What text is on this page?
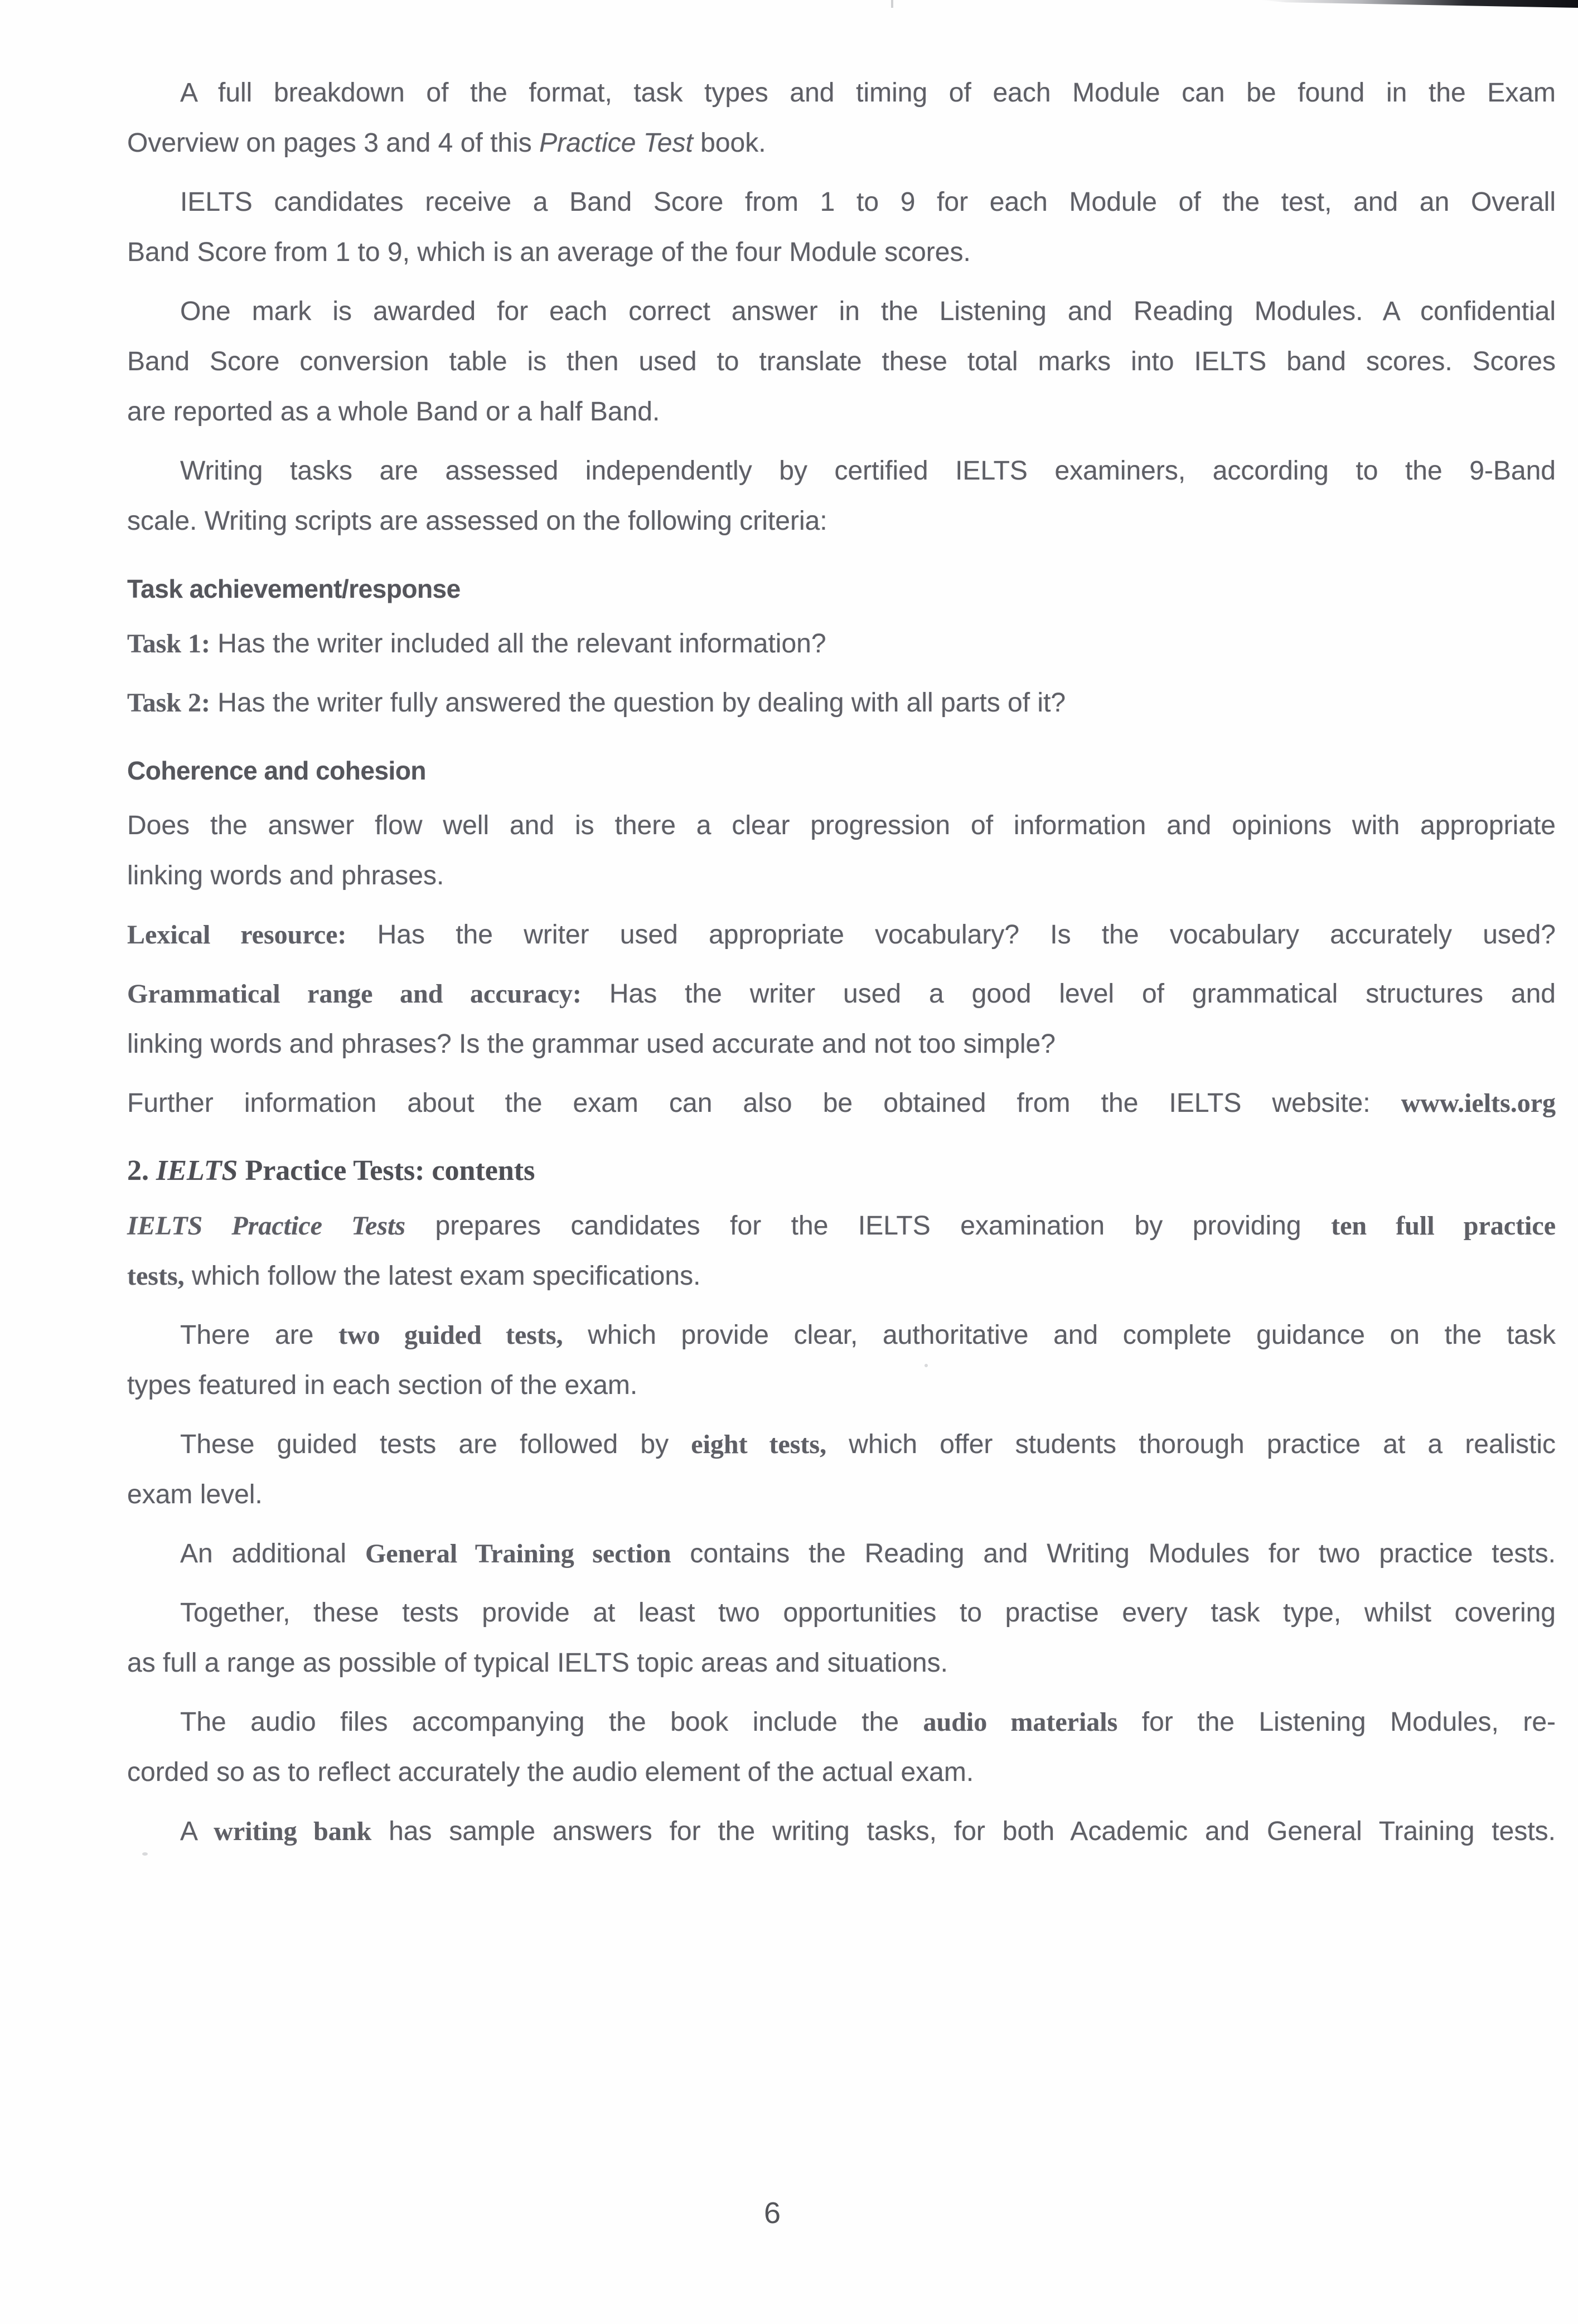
A full breakdown of the format, task types and timing of each Module can be found in the Exam
Overview on pages 3 and 4 of this Practice Test book.
IELTS candidates receive a Band Score from 1 to 9 for each Module of the test, and an Overall
Band Score from 1 to 9, which is an average of the four Module scores.
One mark is awarded for each correct answer in the Listening and Reading Modules. A confidential
Band Score conversion table is then used to translate these total marks into IELTS band scores. Scores
are reported as a whole Band or a half Band.
Writing tasks are assessed independently by certified IELTS examiners, according to the 9-Band
scale. Writing scripts are assessed on the following criteria:
Task achievement/response
Task 1: Has the writer included all the relevant information?
Task 2: Has the writer fully answered the question by dealing with all parts of it?
Coherence and cohesion
Does the answer flow well and is there a clear progression of information and opinions with appropriate
linking words and phrases.
Lexical resource: Has the writer used appropriate vocabulary? Is the vocabulary accurately used?
Grammatical range and accuracy: Has the writer used a good level of grammatical structures and
linking words and phrases? Is the grammar used accurate and not too simple?
Further information about the exam can also be obtained from the IELTS website: www.ielts.org
2. IELTS Practice Tests: contents
IELTS Practice Tests prepares candidates for the IELTS examination by providing ten full practice
tests, which follow the latest exam specifications.
There are two guided tests, which provide clear, authoritative and complete guidance on the task
types featured in each section of the exam.
These guided tests are followed by eight tests, which offer students thorough practice at a realistic
exam level.
An additional General Training section contains the Reading and Writing Modules for two practice tests.
Together, these tests provide at least two opportunities to practise every task type, whilst covering
as full a range as possible of typical IELTS topic areas and situations.
The audio files accompanying the book include the audio materials for the Listening Modules, re-
corded so as to reflect accurately the audio element of the actual exam.
A writing bank has sample answers for the writing tasks, for both Academic and General Training tests.
6
